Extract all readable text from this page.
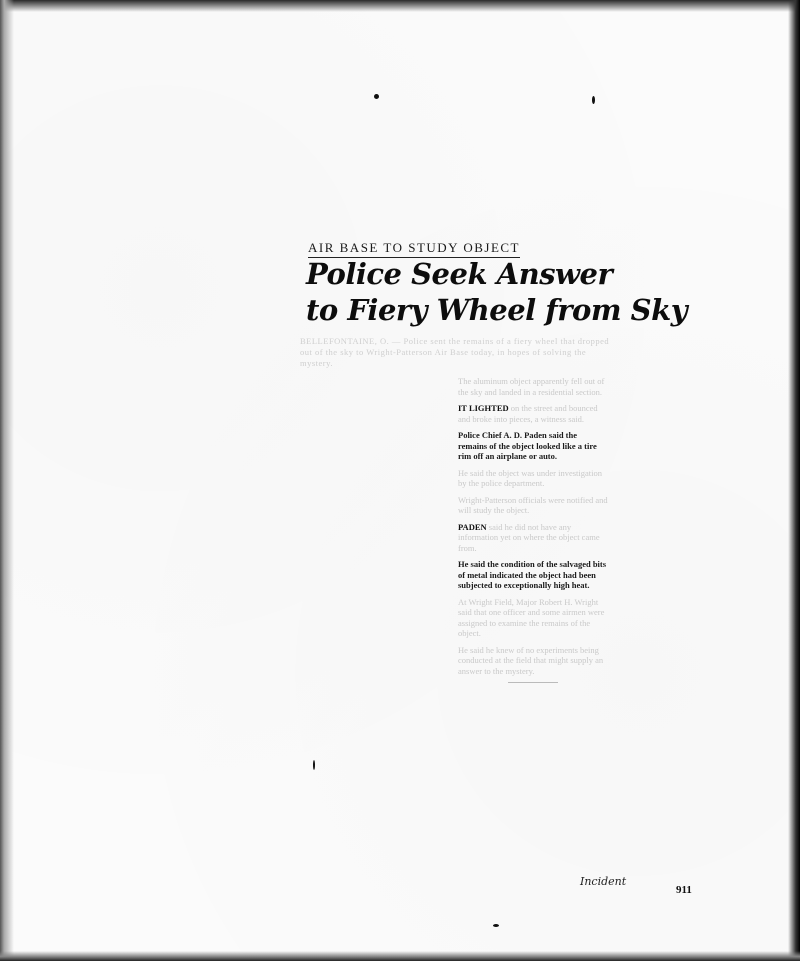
AIR BASE TO STUDY OBJECT
Police Seek Answer
to Fiery Wheel from Sky
BELLEFONTAINE, O. — Police sent the remains of a fiery wheel that dropped out of the sky to Wright-Patterson Air Base today, in hopes of solving the mystery.

The aluminum object apparently fell out of the sky and landed in a residential section.

IT LIGHTED on the street and bounced and broke into pieces, a witness said.

Police Chief A. D. Paden said the remains of the object looked like a tire rim off an airplane or auto.

He said the object was under investigation by the police department.

Wright-Patterson officials were notified and will study the object.

PADEN said he did not have any information yet on where the object came from.

He said the condition of the salvaged bits of metal indicated the object had been subjected to exceptionally high heat.

At Wright Field, Major Robert H. Wright said that one officer and some airmen were assigned to examine the remains of the object.

He said he knew of no experiments being conducted at the field that might supply an answer to the mystery.

Incident
911
